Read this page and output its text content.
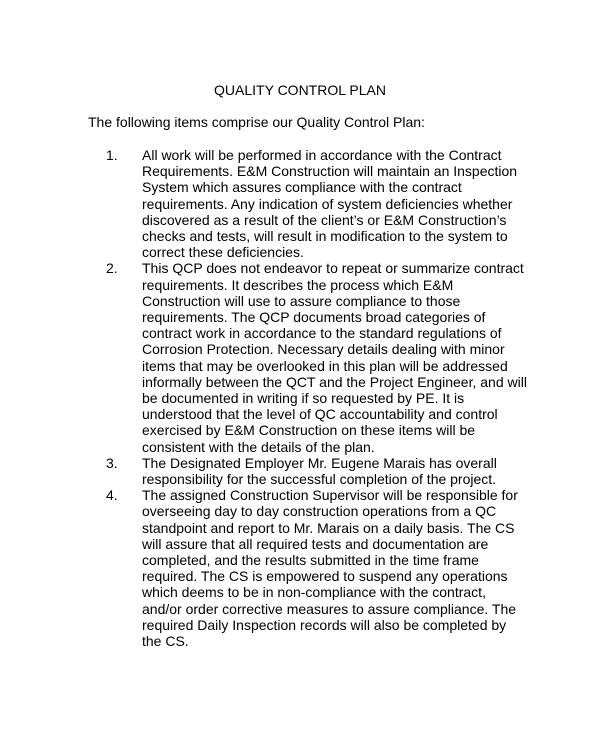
QUALITY CONTROL PLAN

The following items comprise our Quality Control Plan:

1. All work will be performed in accordance with the Contract Requirements. E&M Construction will maintain an Inspection System which assures compliance with the contract requirements. Any indication of system deficiencies whether discovered as a result of the client’s or E&M Construction’s checks and tests, will result in modification to the system to correct these deficiencies.

2. This QCP does not endeavor to repeat or summarize contract requirements. It describes the process which E&M Construction will use to assure compliance to those requirements. The QCP documents broad categories of contract work in accordance to the standard regulations of Corrosion Protection. Necessary details dealing with minor items that may be overlooked in this plan will be addressed informally between the QCT and the Project Engineer, and will be documented in writing if so requested by PE. It is understood that the level of QC accountability and control exercised by E&M Construction on these items will be consistent with the details of the plan.

3. The Designated Employer Mr. Eugene Marais has overall responsibility for the successful completion of the project.

4. The assigned Construction Supervisor will be responsible for overseeing day to day construction operations from a QC standpoint and report to Mr. Marais on a daily basis. The CS will assure that all required tests and documentation are completed, and the results submitted in the time frame required. The CS is empowered to suspend any operations which deems to be in non-compliance with the contract, and/or order corrective measures to assure compliance. The required Daily Inspection records will also be completed by the CS.
